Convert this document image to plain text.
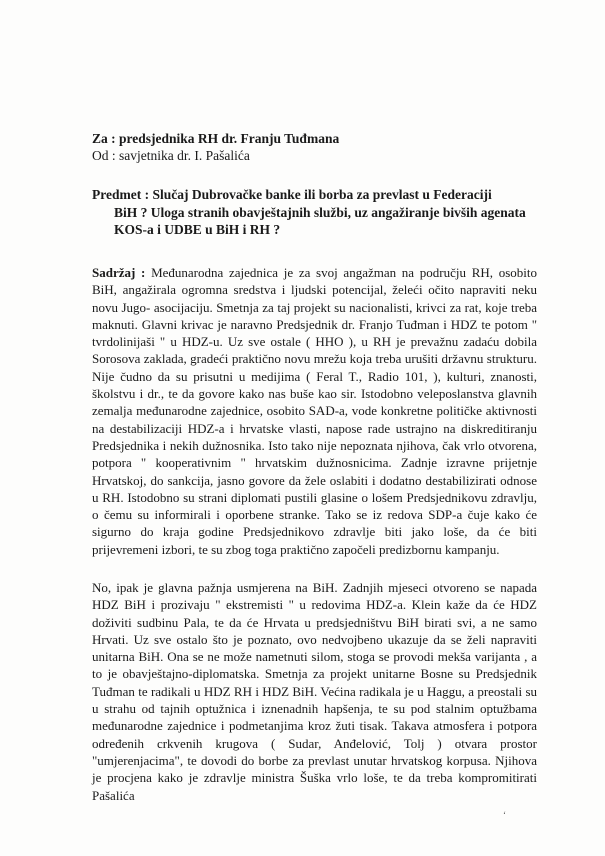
Za : predsjednika RH dr. Franju Tuđmana
Od : savjetnika dr. I. Pašalića
Predmet : Slučaj Dubrovačke banke ili borba za prevlast u Federaciji
BiH ? Uloga stranih obavještajnih službi, uz angažiranje bivših agenata
KOS-a i UDBE u BiH i RH ?
Sadržaj : Međunarodna zajednica je za svoj angažman na području RH, osobito BiH, angažirala ogromna sredstva i ljudski potencijal, želeći očito napraviti neku novu Jugo- asocijaciju. Smetnja za taj projekt su nacionalisti, krivci za rat, koje treba maknuti. Glavni krivac je naravno Predsjednik dr. Franjo Tuđman i HDZ te potom " tvrdolinijaši " u HDZ-u. Uz sve ostale ( HHO ), u RH je prevažnu zadaću dobila Sorosova zaklada, gradeći praktično novu mrežu koja treba urušiti državnu strukturu. Nije čudno da su prisutni u medijima ( Feral T., Radio 101, ), kulturi, znanosti, školstvu i dr., te da govore kako nas buše kao sir. Istodobno veleposlanstva glavnih zemalja međunarodne zajednice, osobito SAD-a, vode konkretne političke aktivnosti na destabilizaciji HDZ-a i hrvatske vlasti, napose rade ustrajno na diskreditiranju Predsjednika i nekih dužnosnika. Isto tako nije nepoznata njihova, čak vrlo otvorena, potpora " kooperativnim " hrvatskim dužnosnicima. Zadnje izravne prijetnje Hrvatskoj, do sankcija, jasno govore da žele oslabiti i dodatno destabilizirati odnose u RH. Istodobno su strani diplomati pustili glasine o lošem Predsjednikovu zdravlju, o čemu su informirali i oporbene stranke. Tako se iz redova SDP-a čuje kako će sigurno do kraja godine Predsjednikovo zdravlje biti jako loše, da će biti prijevremeni izbori, te su zbog toga praktično započeli predizbornu kampanju.
No, ipak je glavna pažnja usmjerena na BiH. Zadnjih mjeseci otvoreno se napada HDZ BiH i prozivaju " ekstremisti " u redovima HDZ-a. Klein kaže da će HDZ doživiti sudbinu Pala, te da će Hrvata u predsjedništvu BiH birati svi, a ne samo Hrvati. Uz sve ostalo što je poznato, ovo nedvojbeno ukazuje da se želi napraviti unitarna BiH. Ona se ne može nametnuti silom, stoga se provodi mekša varijanta , a to je obavještajno-diplomatska. Smetnja za projekt unitarne Bosne su Predsjednik Tuđman te radikali u HDZ RH i HDZ BiH. Većina radikala je u Haggu, a preostali su u strahu od tajnih optužnica i iznenadnih hapšenja, te su pod stalnim optužbama međunarodne zajednice i podmetanjima kroz žuti tisak. Takava atmosfera i potpora određenih crkvenih krugova ( Sudar, Anđelović, Tolj ) otvara prostor "umjerenjacima", te dovodi do borbe za prevlast unutar hrvatskog korpusa. Njihova je procjena kako je zdravlje ministra Šuška vrlo loše, te da treba kompromitirati Pašalića
‘
